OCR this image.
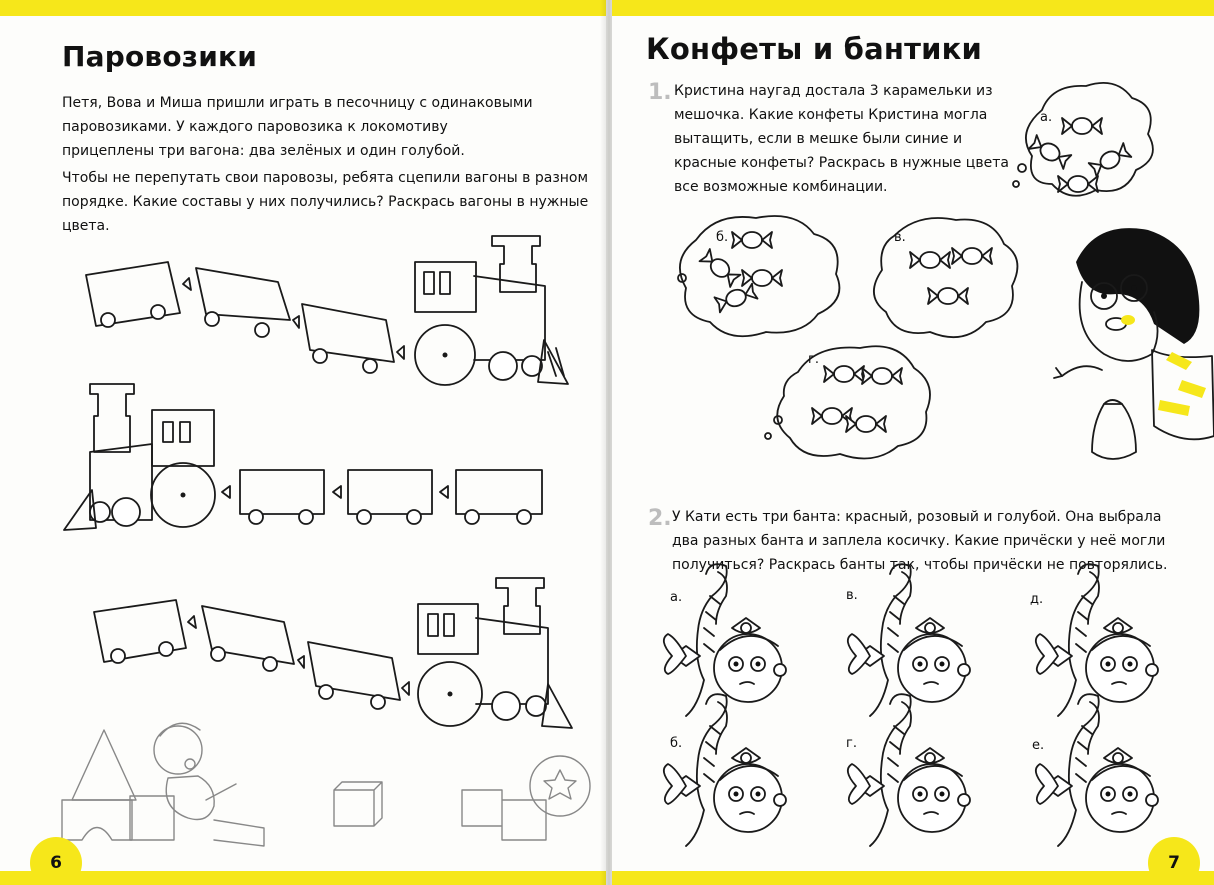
Паровозики

Петя, Вова и Миша пришли играть в песочницу с одинаковыми паровозиками. У каждого паровозика к локомотиву прицеплены три вагона: два зелёных и один голубой.

Чтобы не перепутать свои паровозы, ребята сцепили вагоны в разном порядке. Какие составы у них получились? Раскрась вагоны в нужные цвета.

6
Конфеты и бантики
1. Кристина наугад достала 3 карамельки из мешочка. Какие конфеты Кристина могла вытащить, если в мешке были синие и красные конфеты? Раскрась в нужные цвета все возможные комбинации.

а.
б.	в.
г.
2. У Кати есть три банта: красный, розовый и голубой. Она выбрала два разных банта и заплела косичку. Какие причёски у неё могли получиться? Раскрась банты так, чтобы причёски не повторялись.

а.
б.
в.
г.
д.
е.
7
